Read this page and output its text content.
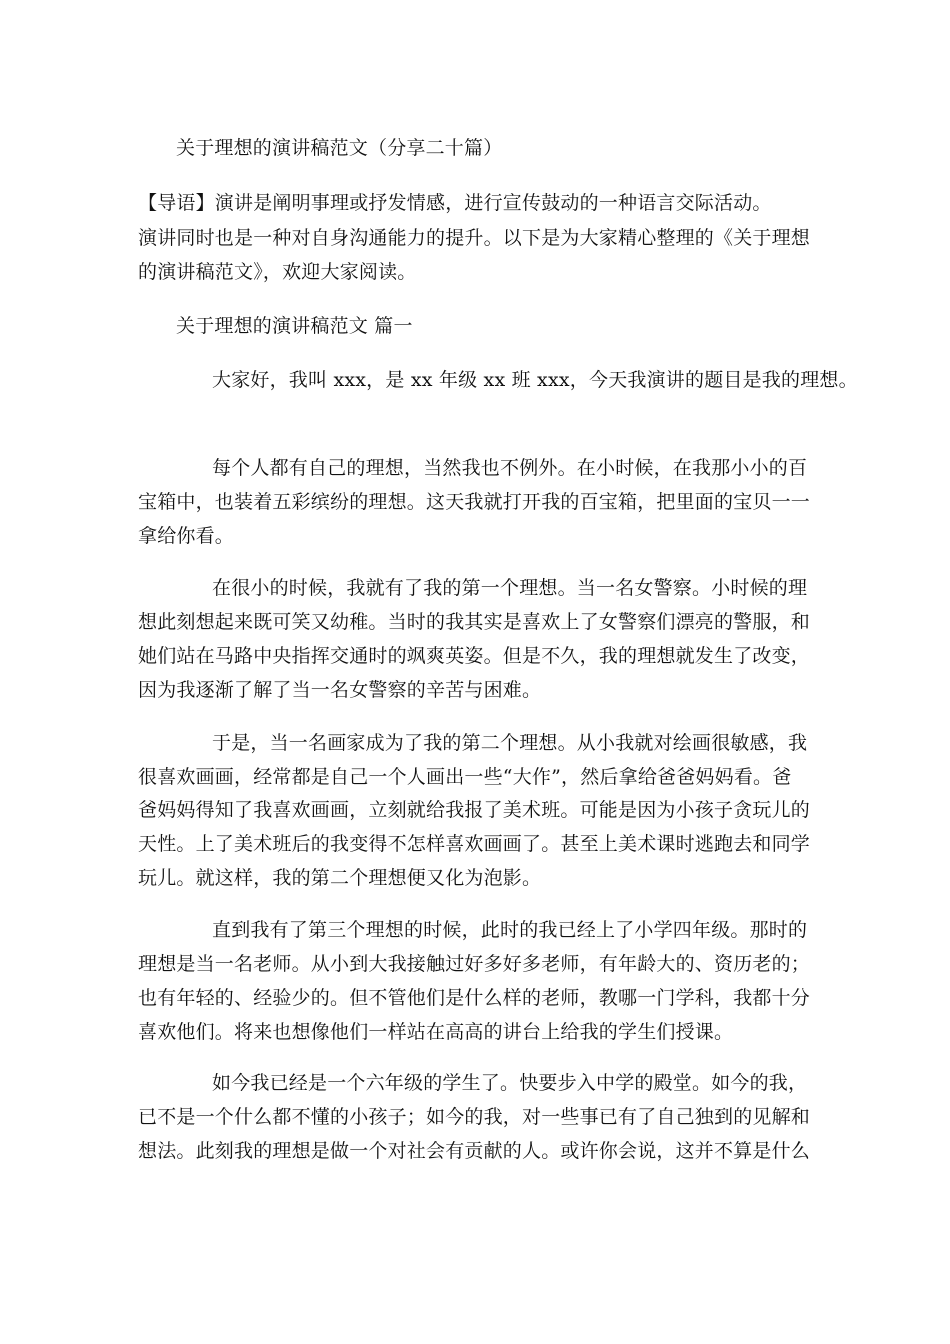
关于理想的演讲稿范文（分享二十篇）
【导语】演讲是阐明事理或抒发情感，进行宣传鼓动的一种语言交际活动。
演讲同时也是一种对自身沟通能力的提升。以下是为大家精心整理的《关于理想
的演讲稿范文》，欢迎大家阅读。
关于理想的演讲稿范文 篇一
大家好，我叫 xxx，是 xx 年级 xx 班 xxx，今天我演讲的题目是我的理想。
每个人都有自己的理想，当然我也不例外。在小时候，在我那小小的百
宝箱中，也装着五彩缤纷的理想。这天我就打开我的百宝箱，把里面的宝贝一一
拿给你看。
在很小的时候，我就有了我的第一个理想。当一名女警察。小时候的理
想此刻想起来既可笑又幼稚。当时的我其实是喜欢上了女警察们漂亮的警服，和
她们站在马路中央指挥交通时的飒爽英姿。但是不久，我的理想就发生了改变，
因为我逐渐了解了当一名女警察的辛苦与困难。
于是，当一名画家成为了我的第二个理想。从小我就对绘画很敏感，我
很喜欢画画，经常都是自己一个人画出一些“大作”，然后拿给爸爸妈妈看。爸
爸妈妈得知了我喜欢画画，立刻就给我报了美术班。可能是因为小孩子贪玩儿的
天性。上了美术班后的我变得不怎样喜欢画画了。甚至上美术课时逃跑去和同学
玩儿。就这样，我的第二个理想便又化为泡影。
直到我有了第三个理想的时候，此时的我已经上了小学四年级。那时的
理想是当一名老师。从小到大我接触过好多好多老师，有年龄大的、资历老的；
也有年轻的、经验少的。但不管他们是什么样的老师，教哪一门学科，我都十分
喜欢他们。将来也想像他们一样站在高高的讲台上给我的学生们授课。
如今我已经是一个六年级的学生了。快要步入中学的殿堂。如今的我，
已不是一个什么都不懂的小孩子；如今的我，对一些事已有了自己独到的见解和
想法。此刻我的理想是做一个对社会有贡献的人。或许你会说，这并不算是什么
